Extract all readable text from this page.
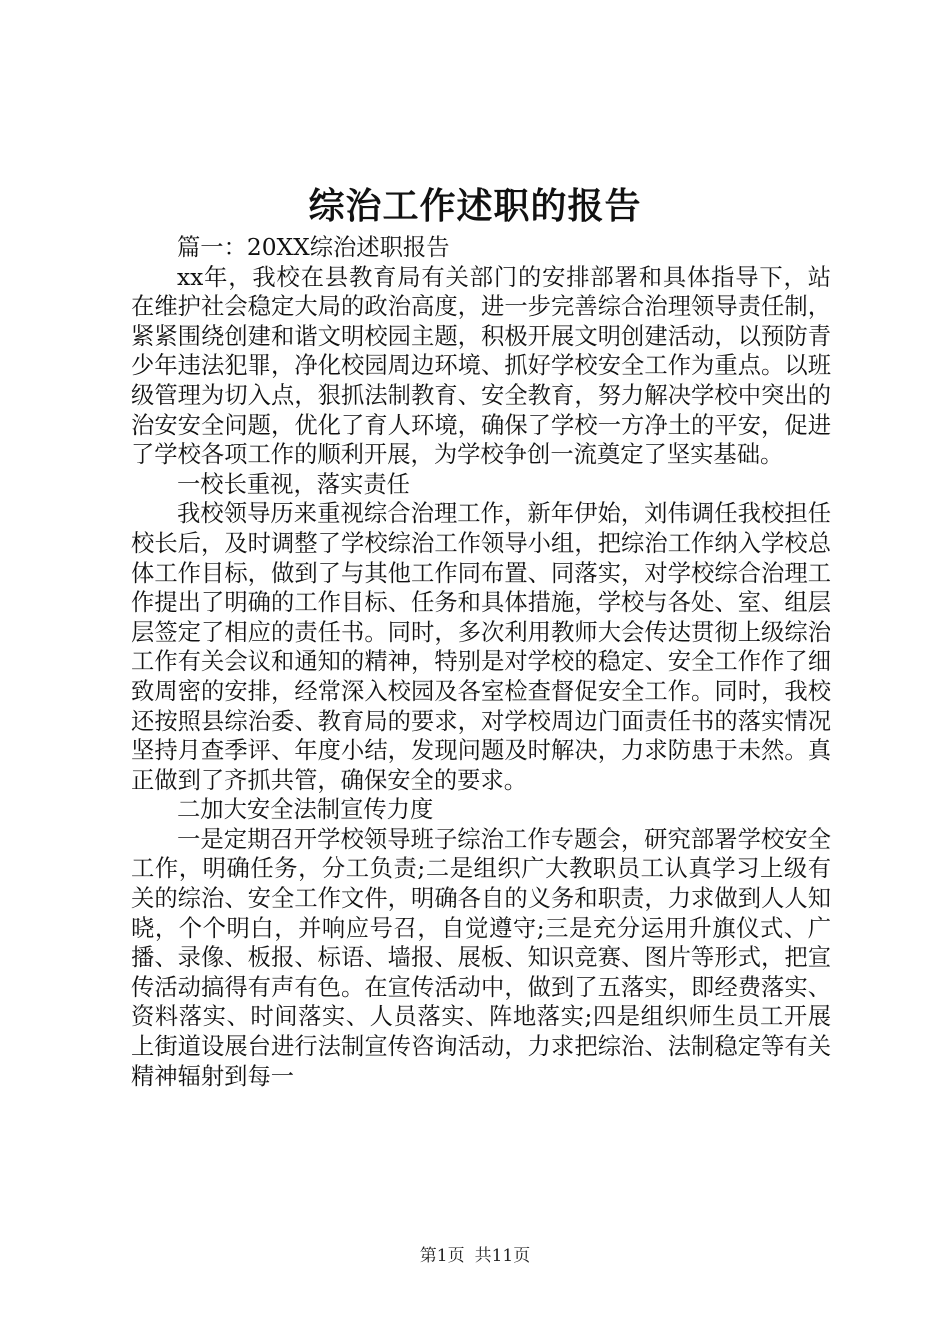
综治工作述职的报告

篇一：20XX综治述职报告

xx年，我校在县教育局有关部门的安排部署和具体指导下，站在维护社会稳定大局的政治高度，进一步完善综合治理领导责任制，紧紧围绕创建和谐文明校园主题，积极开展文明创建活动，以预防青少年违法犯罪，净化校园周边环境、抓好学校安全工作为重点。以班级管理为切入点，狠抓法制教育、安全教育，努力解决学校中突出的治安安全问题，优化了育人环境，确保了学校一方净土的平安，促进了学校各项工作的顺利开展，为学校争创一流奠定了坚实基础。

一校长重视，落实责任

我校领导历来重视综合治理工作，新年伊始，刘伟调任我校担任校长后，及时调整了学校综治工作领导小组，把综治工作纳入学校总体工作目标，做到了与其他工作同布置、同落实，对学校综合治理工作提出了明确的工作目标、任务和具体措施，学校与各处、室、组层层签定了相应的责任书。同时，多次利用教师大会传达贯彻上级综治工作有关会议和通知的精神，特别是对学校的稳定、安全工作作了细致周密的安排，经常深入校园及各室检查督促安全工作。同时，我校还按照县综治委、教育局的要求，对学校周边门面责任书的落实情况坚持月查季评、年度小结，发现问题及时解决，力求防患于未然。真正做到了齐抓共管，确保安全的要求。

二加大安全法制宣传力度

一是定期召开学校领导班子综治工作专题会，研究部署学校安全工作，明确任务，分工负责;二是组织广大教职员工认真学习上级有关的综治、安全工作文件，明确各自的义务和职责，力求做到人人知晓，个个明白，并响应号召，自觉遵守;三是充分运用升旗仪式、广播、录像、板报、标语、墙报、展板、知识竞赛、图片等形式，把宣传活动搞得有声有色。在宣传活动中，做到了五落实，即经费落实、资料落实、时间落实、人员落实、阵地落实;四是组织师生员工开展上街道设展台进行法制宣传咨询活动，力求把综治、法制稳定等有关精神辐射到每一

第1页 共11页
